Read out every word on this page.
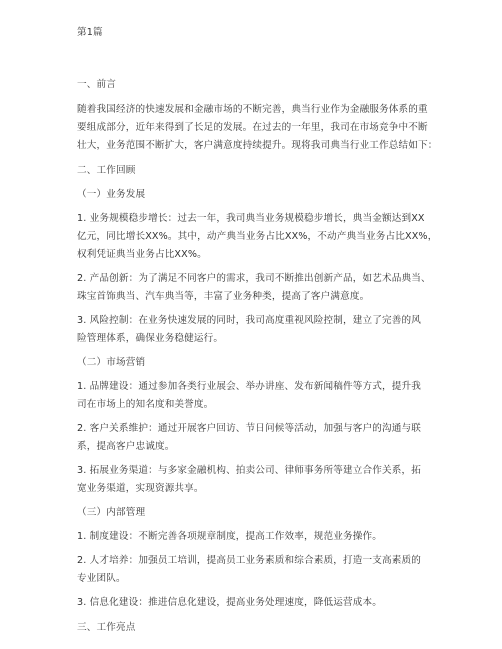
第1篇
一、前言
随着我国经济的快速发展和金融市场的不断完善，典当行业作为金融服务体系的重
要组成部分，近年来得到了长足的发展。在过去的一年里，我司在市场竞争中不断
壮大，业务范围不断扩大，客户满意度持续提升。现将我司典当行业工作总结如下：
二、工作回顾
（一）业务发展
1. 业务规模稳步增长：过去一年，我司典当业务规模稳步增长，典当金额达到XX
亿元，同比增长XX%。其中，动产典当业务占比XX%，不动产典当业务占比XX%，
权利凭证典当业务占比XX%。
2. 产品创新：为了满足不同客户的需求，我司不断推出创新产品，如艺术品典当、
珠宝首饰典当、汽车典当等，丰富了业务种类，提高了客户满意度。
3. 风险控制：在业务快速发展的同时，我司高度重视风险控制，建立了完善的风
险管理体系，确保业务稳健运行。
（二）市场营销
1. 品牌建设：通过参加各类行业展会、举办讲座、发布新闻稿件等方式，提升我
司在市场上的知名度和美誉度。
2. 客户关系维护：通过开展客户回访、节日问候等活动，加强与客户的沟通与联
系，提高客户忠诚度。
3. 拓展业务渠道：与多家金融机构、拍卖公司、律师事务所等建立合作关系，拓
宽业务渠道，实现资源共享。
（三）内部管理
1. 制度建设：不断完善各项规章制度，提高工作效率，规范业务操作。
2. 人才培养：加强员工培训，提高员工业务素质和综合素质，打造一支高素质的
专业团队。
3. 信息化建设：推进信息化建设，提高业务处理速度，降低运营成本。
三、工作亮点
